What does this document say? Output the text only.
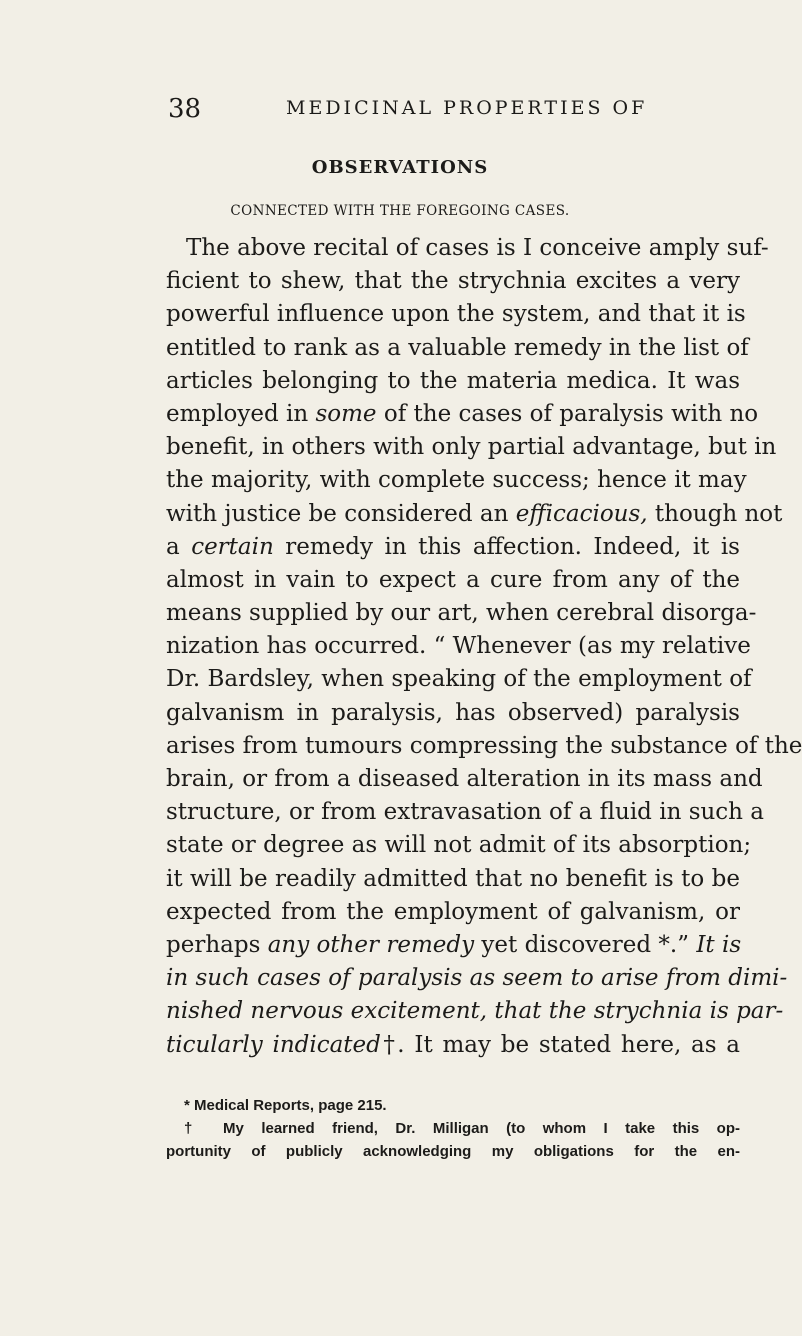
38	MEDICINAL PROPERTIES OF
OBSERVATIONS
CONNECTED WITH THE FOREGOING CASES.
The above recital of cases is I conceive amply suf-
ficient to shew, that the strychnia excites a very
powerful influence upon the system, and that it is
entitled to rank as a valuable remedy in the list of
articles belonging to the materia medica. It was
employed in some of the cases of paralysis with no
benefit, in others with only partial advantage, but in
the majority, with complete success; hence it may
with justice be considered an efficacious, though not
a certain remedy in this affection. Indeed, it is
almost in vain to expect a cure from any of the
means supplied by our art, when cerebral disorga-
nization has occurred. “ Whenever (as my relative
Dr. Bardsley, when speaking of the employment of
galvanism in paralysis, has observed) paralysis
arises from tumours compressing the substance of the
brain, or from a diseased alteration in its mass and
structure, or from extravasation of a fluid in such a
state or degree as will not admit of its absorption;
it will be readily admitted that no benefit is to be
expected from the employment of galvanism, or
perhaps any other remedy yet discovered *.” It is
in such cases of paralysis as seem to arise from dimi-
nished nervous excitement, that the strychnia is par-
ticularly indicated†. It may be stated here, as a
* Medical Reports, page 215.
† My learned friend, Dr. Milligan (to whom I take this op-
portunity of publicly acknowledging my obligations for the en-
